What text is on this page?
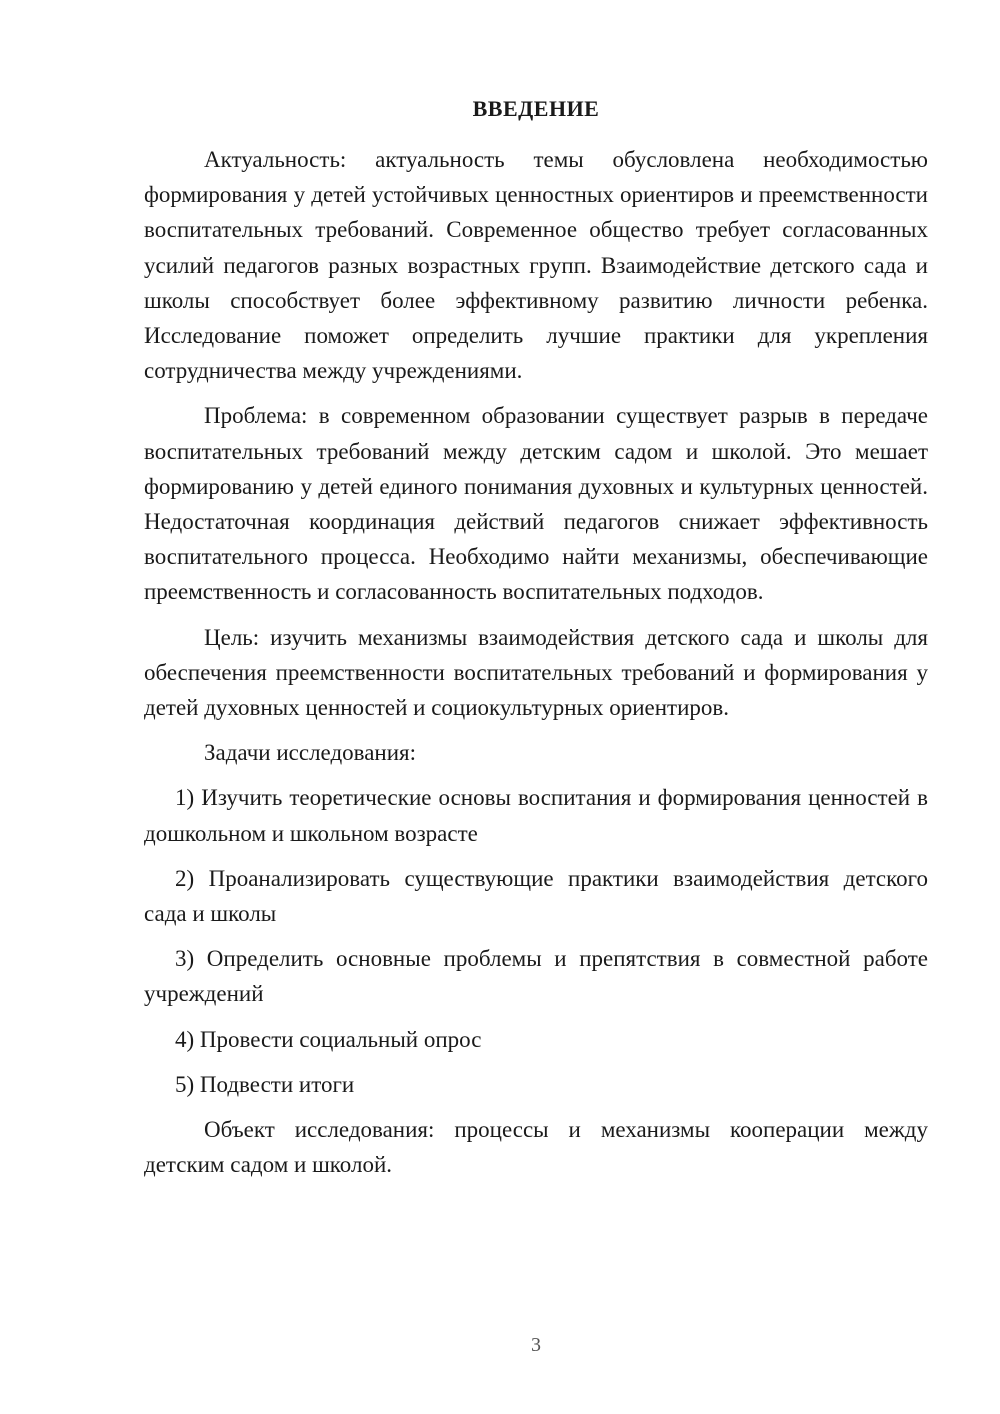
ВВЕДЕНИЕ

Актуальность: актуальность темы обусловлена необходимостью формирования у детей устойчивых ценностных ориентиров и преемственности воспитательных требований. Современное общество требует согласованных усилий педагогов разных возрастных групп. Взаимодействие детского сада и школы способствует более эффективному развитию личности ребенка. Исследование поможет определить лучшие практики для укрепления сотрудничества между учреждениями.

Проблема: в современном образовании существует разрыв в передаче воспитательных требований между детским садом и школой. Это мешает формированию у детей единого понимания духовных и культурных ценностей. Недостаточная координация действий педагогов снижает эффективность воспитательного процесса. Необходимо найти механизмы, обеспечивающие преемственность и согласованность воспитательных подходов.

Цель: изучить механизмы взаимодействия детского сада и школы для обеспечения преемственности воспитательных требований и формирования у детей духовных ценностей и социокультурных ориентиров.

Задачи исследования:

1) Изучить теоретические основы воспитания и формирования ценностей в дошкольном и школьном возрасте

2) Проанализировать существующие практики взаимодействия детского сада и школы

3) Определить основные проблемы и препятствия в совместной работе учреждений

4) Провести социальный опрос

5) Подвести итоги

Объект исследования: процессы и механизмы кооперации между детским садом и школой.

3
